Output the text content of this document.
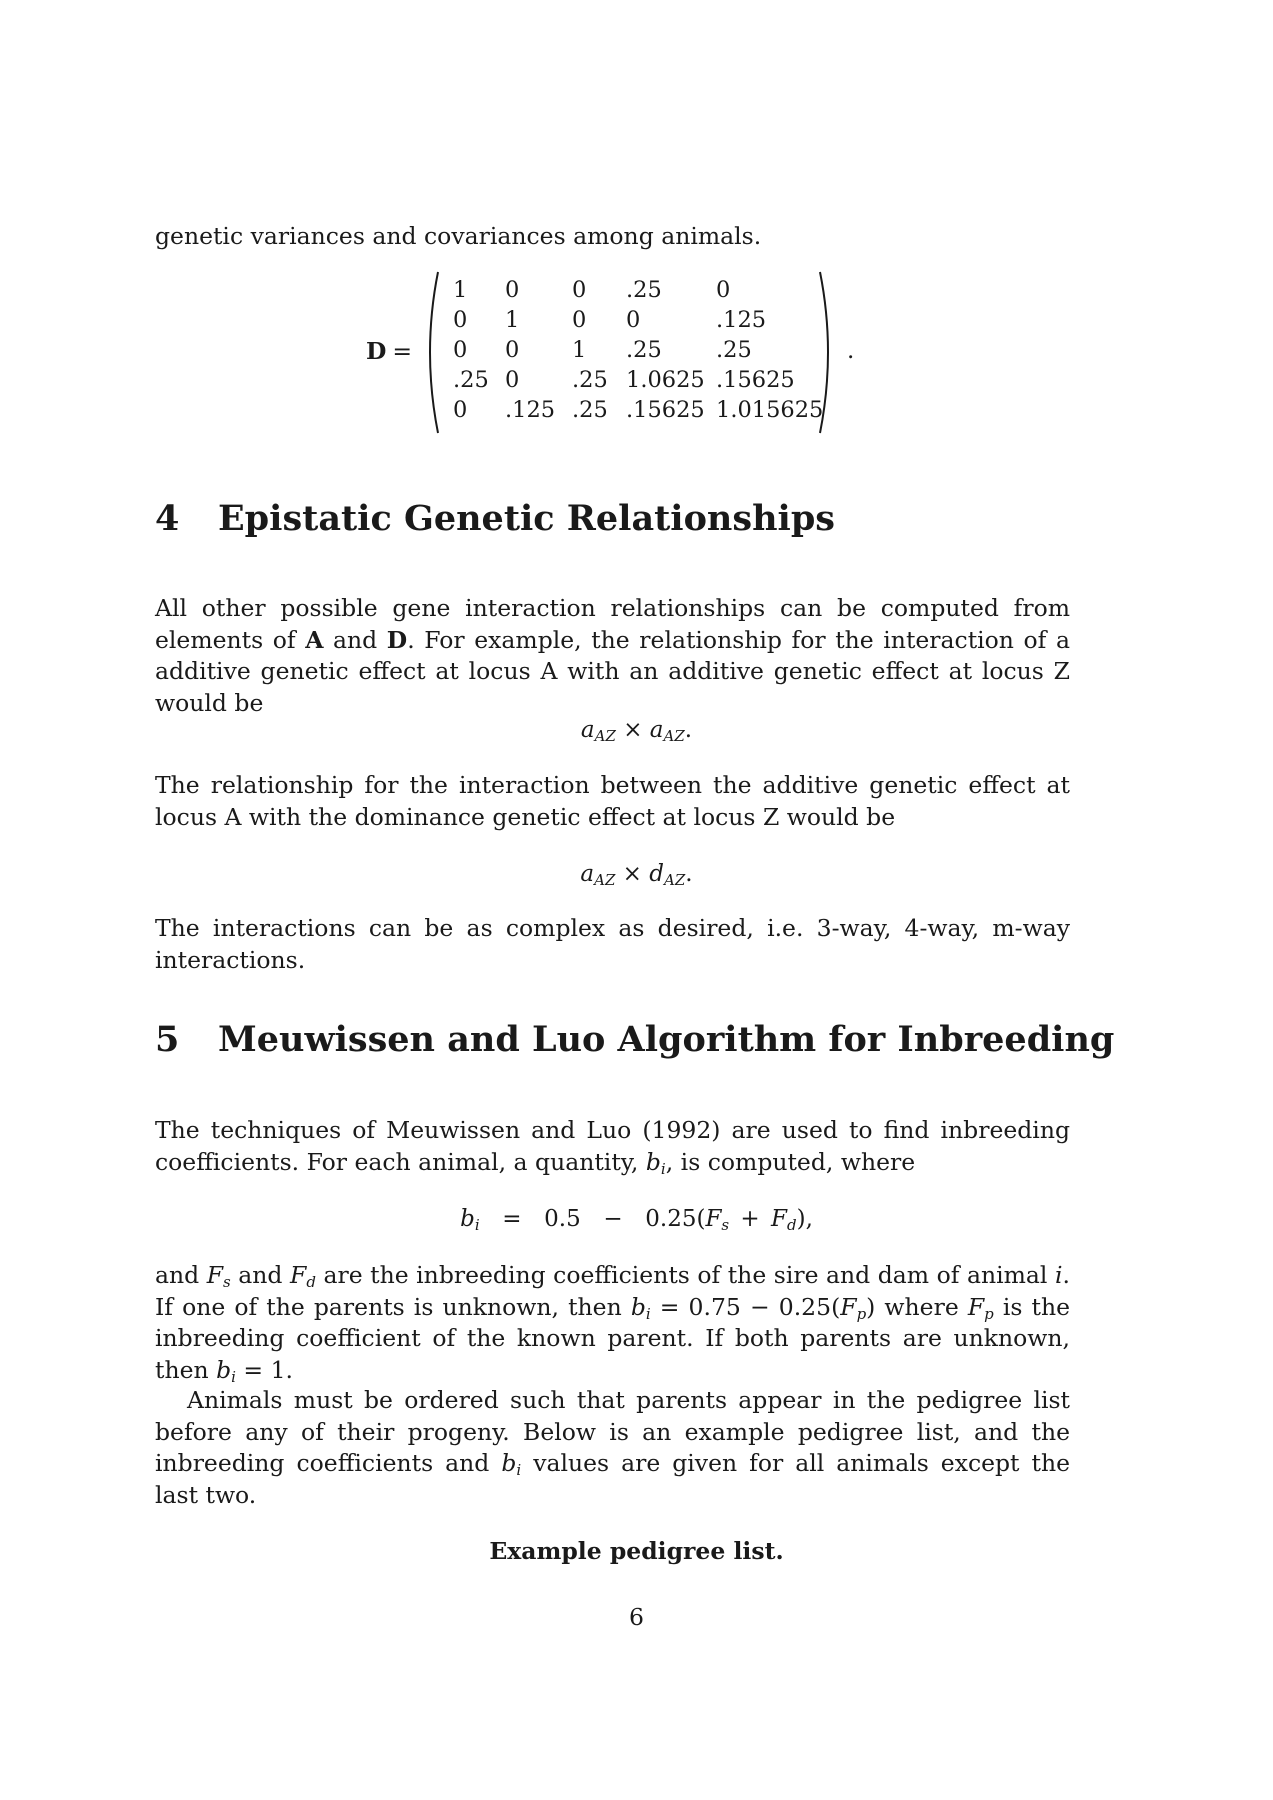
genetic variances and covariances among animals.

D =	.
1 0 0 .25 0
0 1 0 0	.125
0 0 1 .25 .25
.25 0 .25 1.0625 .15625
0 .125 .25 .15625 1.015625
4 Epistatic Genetic Relationships

All other possible gene interaction relationships can be computed from elements of A and D. For example, the relationship for the interaction of a additive genetic effect at locus A with an additive genetic effect at locus Z would be

$a_{AZ} \times a_{AZ}$.

The relationship for the interaction between the additive genetic effect at locus A with the dominance genetic effect at locus Z would be

$a_{AZ} \times d_{AZ}$.

The interactions can be as complex as desired, i.e. 3-way, 4-way, m-way interactions.

5 Meuwissen and Luo Algorithm for Inbreeding

The techniques of Meuwissen and Luo (1992) are used to find inbreeding coefficients. For each animal, a quantity, $b_i$, is computed, where

$b_i = 0.5 - 0.25(F_s + F_d)$,

and $F_s$ and $F_d$ are the inbreeding coefficients of the sire and dam of animal i. If one of the parents is unknown, then $b_i = 0.75 - 0.25(F_p)$ where $F_p$ is the inbreeding coefficient of the known parent. If both parents are unknown, then $b_i = 1$.

Animals must be ordered such that parents appear in the pedigree list before any of their progeny. Below is an example pedigree list, and the inbreeding coefficients and $b_i$ values are given for all animals except the last two.

Example pedigree list.
6
